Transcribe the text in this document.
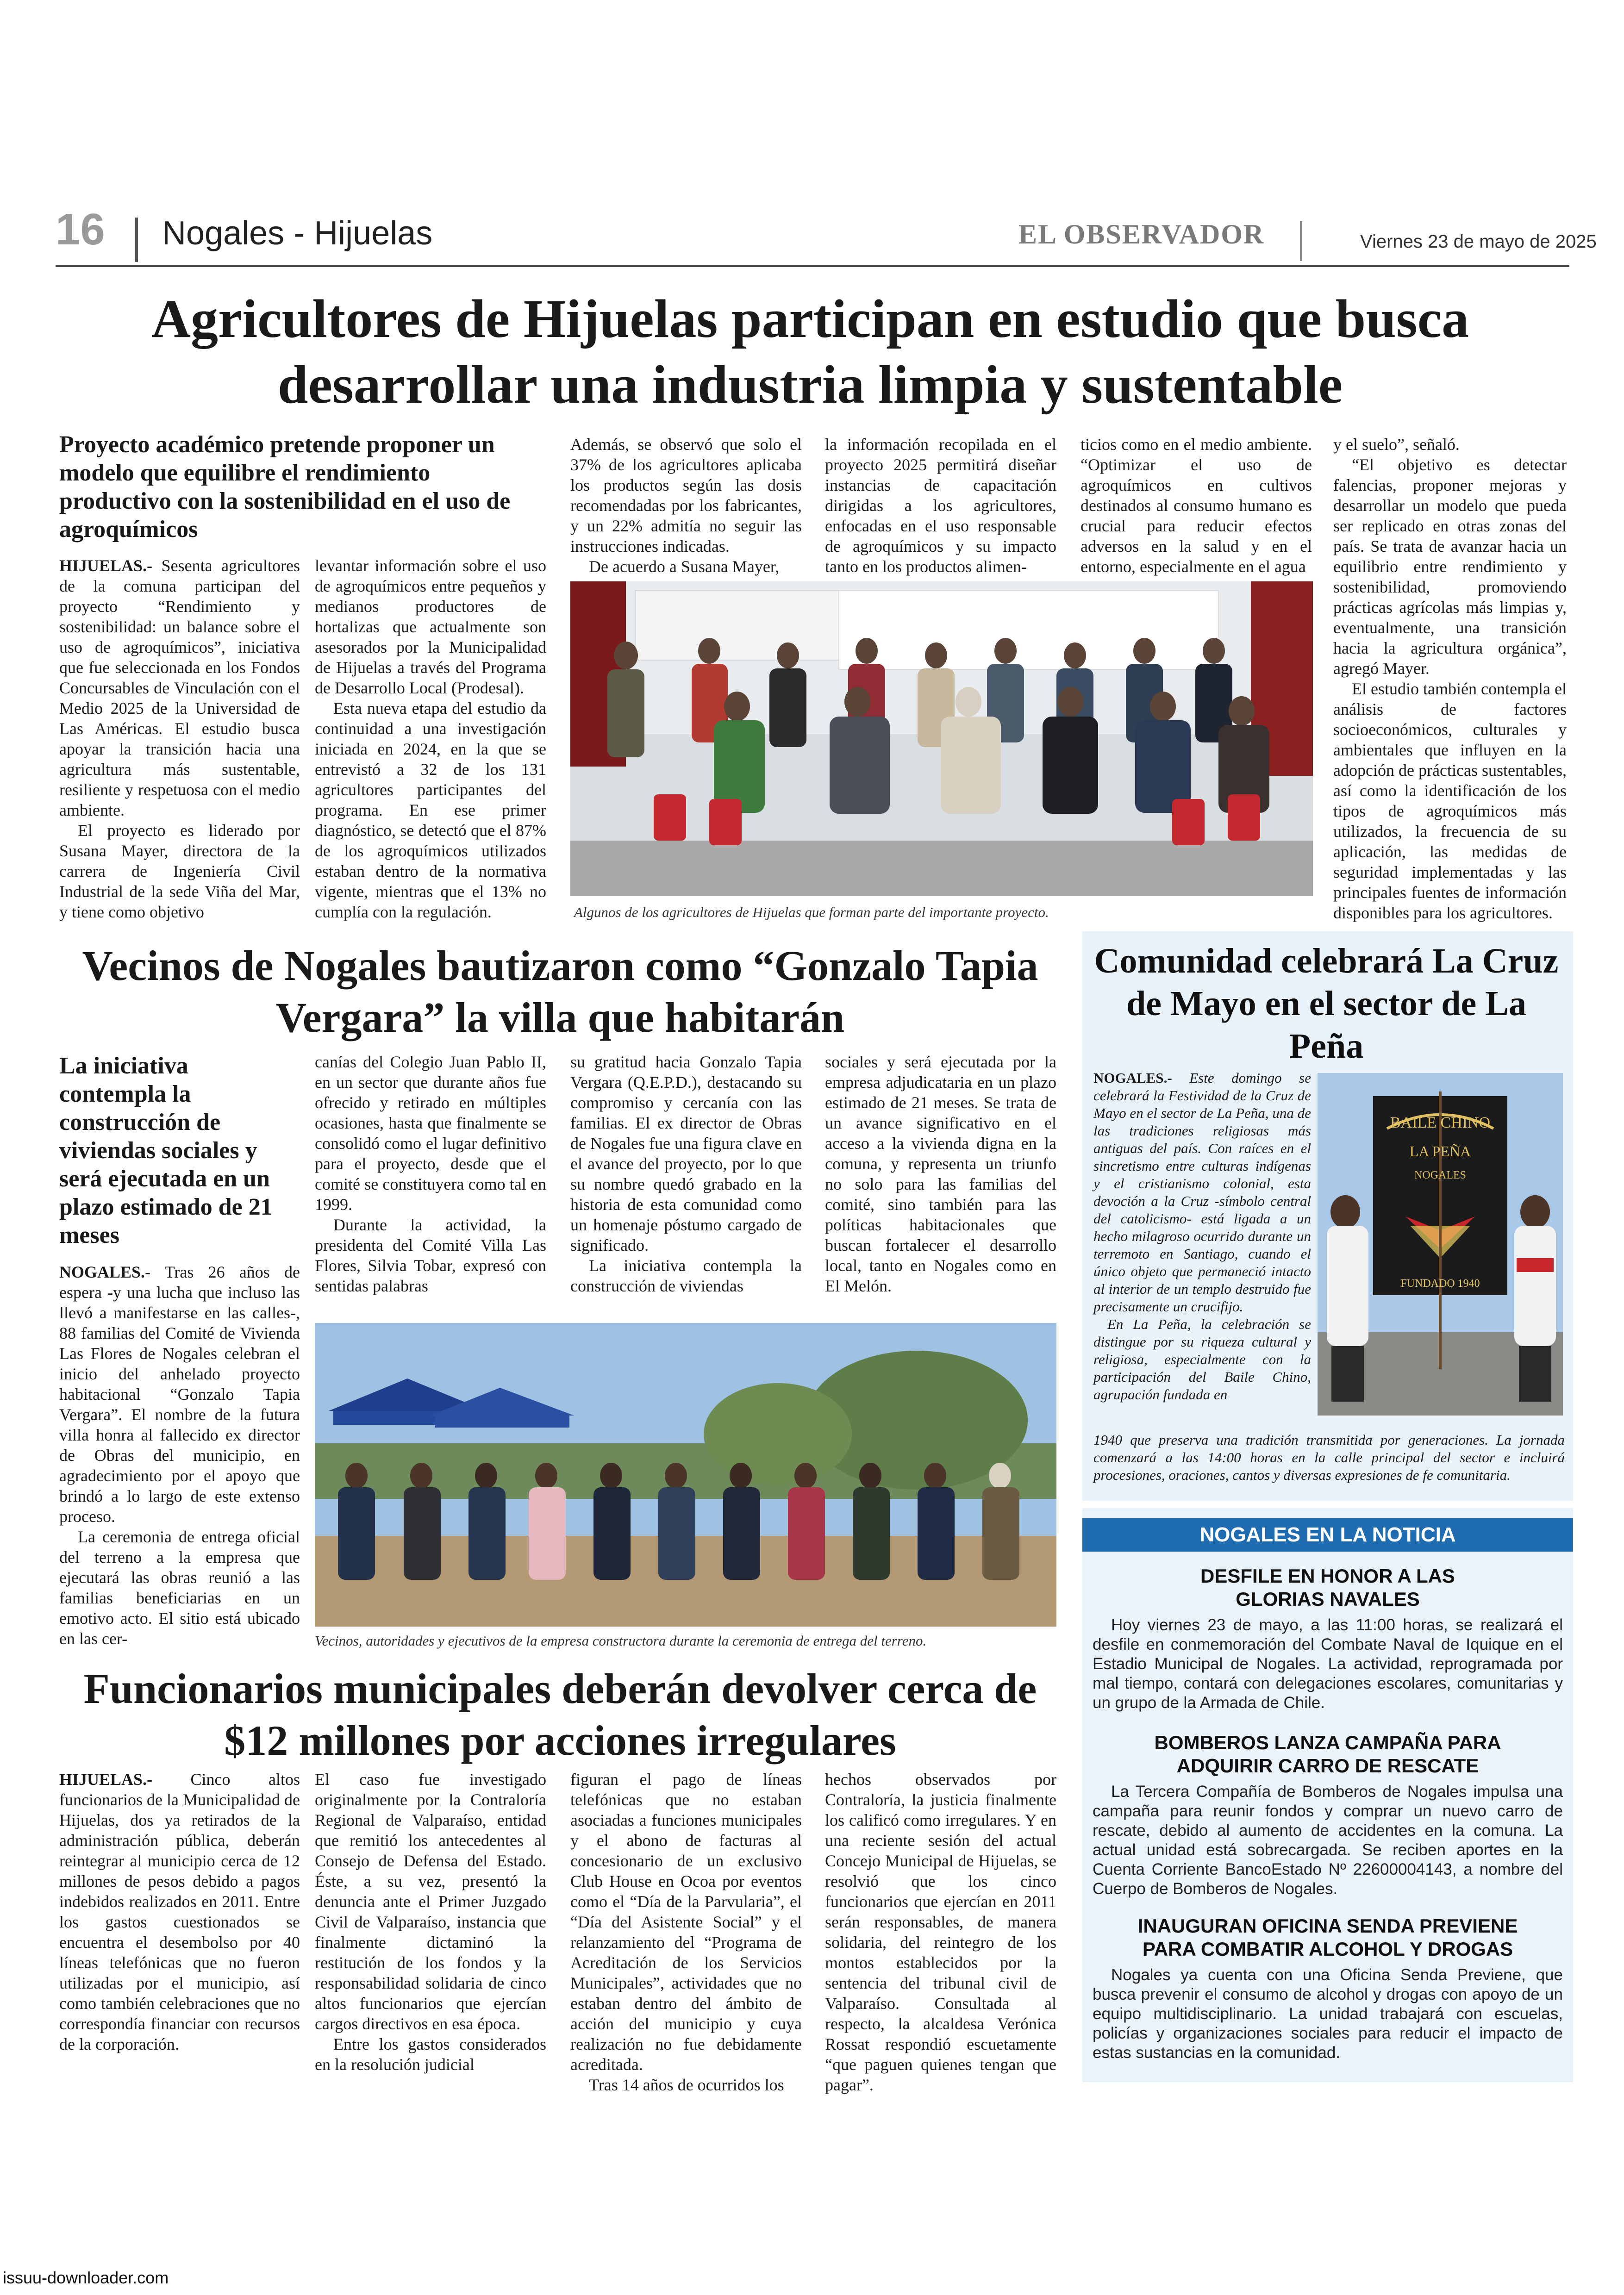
16 Nogales - Hijuelas	EL OBSERVADOR	Viernes 23 de mayo de 2025
Agricultores de Hijuelas participan en estudio que busca desarrollar una industria limpia y sustentable
Proyecto académico pretende proponer un modelo que equilibre el rendimiento productivo con la sostenibilidad en el uso de agroquímicos

HIJUELAS.- Sesenta agricultores de la comuna participan del proyecto “Rendimiento y sostenibilidad: un balance sobre el uso de agroquímicos”, iniciativa que fue seleccionada en los Fondos Concursables de Vinculación con el Medio 2025 de la Universidad de Las Américas. El estudio busca apoyar la transición hacia una agricultura más sustentable, resiliente y respetuosa con el medio ambiente.

El proyecto es liderado por Susana Mayer, directora de la carrera de Ingeniería Civil Industrial de la sede Viña del Mar, y tiene como objetivo

levantar información sobre el uso de agroquímicos entre pequeños y medianos productores de hortalizas que actualmente son asesorados por la Municipalidad de Hijuelas a través del Programa de Desarrollo Local (Prodesal).

Esta nueva etapa del estudio da continuidad a una investigación iniciada en 2024, en la que se entrevistó a 32 de los 131 agricultores participantes del programa. En ese primer diagnóstico, se detectó que el 87% de los agroquímicos utilizados estaban dentro de la normativa vigente, mientras que el 13% no cumplía con la regulación.

Además, se observó que solo el 37% de los agricultores aplicaba los productos según las dosis recomendadas por los fabricantes, y un 22% admitía no seguir las instrucciones indicadas.

De acuerdo a Susana Mayer,

la información recopilada en el proyecto 2025 permitirá diseñar instancias de capacitación dirigidas a los agricultores, enfocadas en el uso responsable de agroquímicos y su impacto tanto en los productos alimen-

ticios como en el medio ambiente. “Optimizar el uso de agroquímicos en cultivos destinados al consumo humano es crucial para reducir efectos adversos en la salud y en el entorno, especialmente en el agua

y el suelo”, señaló.

“El objetivo es detectar falencias, proponer mejoras y desarrollar un modelo que pueda ser replicado en otras zonas del país. Se trata de avanzar hacia un equilibrio entre rendimiento y sostenibilidad, promoviendo prácticas agrícolas más limpias y, eventualmente, una transición hacia la agricultura orgánica”, agregó Mayer.

El estudio también contempla el análisis de factores socioeconómicos, culturales y ambientales que influyen en la adopción de prácticas sustentables, así como la identificación de los tipos de agroquímicos más utilizados, la frecuencia de su aplicación, las medidas de seguridad implementadas y las principales fuentes de información disponibles para los agricultores.

Algunos de los agricultores de Hijuelas que forman parte del importante proyecto.
Vecinos de Nogales bautizaron como “Gonzalo Tapia Vergara” la villa que habitarán
La iniciativa contempla la construcción de viviendas sociales y será ejecutada en un plazo estimado de 21 meses

NOGALES.- Tras 26 años de espera -y una lucha que incluso las llevó a manifestarse en las calles-, 88 familias del Comité de Vivienda Las Flores de Nogales celebran el inicio del anhelado proyecto habitacional “Gonzalo Tapia Vergara”. El nombre de la futura villa honra al fallecido ex director de Obras del municipio, en agradecimiento por el apoyo que brindó a lo largo de este extenso proceso.

La ceremonia de entrega oficial del terreno a la empresa que ejecutará las obras reunió a las familias beneficiarias en un emotivo acto. El sitio está ubicado en las cer-

canías del Colegio Juan Pablo II, en un sector que durante años fue ofrecido y retirado en múltiples ocasiones, hasta que finalmente se consolidó como el lugar definitivo para el proyecto, desde que el comité se constituyera como tal en 1999.

Durante la actividad, la presidenta del Comité Villa Las Flores, Silvia Tobar, expresó con sentidas palabras

su gratitud hacia Gonzalo Tapia Vergara (Q.E.P.D.), destacando su compromiso y cercanía con las familias. El ex director de Obras de Nogales fue una figura clave en el avance del proyecto, por lo que su nombre quedó grabado en la historia de esta comunidad como un homenaje póstumo cargado de significado.

La iniciativa contempla la construcción de viviendas

sociales y será ejecutada por la empresa adjudicataria en un plazo estimado de 21 meses. Se trata de un avance significativo en el acceso a la vivienda digna en la comuna, y representa un triunfo no solo para las familias del comité, sino también para las políticas habitacionales que buscan fortalecer el desarrollo local, tanto en Nogales como en El Melón.

Vecinos, autoridades y ejecutivos de la empresa constructora durante la ceremonia de entrega del terreno.
Comunidad celebrará La Cruz de Mayo en el sector de La Peña
NOGALES.- Este domingo se celebrará la Festividad de la Cruz de Mayo en el sector de La Peña, una de las tradiciones religiosas más antiguas del país. Con raíces en el sincretismo entre culturas indígenas y el cristianismo colonial, esta devoción a la Cruz -símbolo central del catolicismo- está ligada a un hecho milagroso ocurrido durante un terremoto en Santiago, cuando el único objeto que permaneció intacto al interior de un templo destruido fue precisamente un crucifijo.
En La Peña, la celebración se distingue por su riqueza cultural y religiosa, especialmente con la participación del Baile Chino, agrupación fundada en
BAILE CHINO
LA PEÑA
NOGALES
FUNDADO 1940
1940 que preserva una tradición transmitida por generaciones. La jornada comenzará a las 14:00 horas en la calle principal del sector e incluirá procesiones, oraciones, cantos y diversas expresiones de fe comunitaria.
Funcionarios municipales deberán devolver cerca de $12 millones por acciones irregulares

HIJUELAS.- Cinco altos funcionarios de la Municipalidad de Hijuelas, dos ya retirados de la administración pública, deberán reintegrar al municipio cerca de 12 millones de pesos debido a pagos indebidos realizados en 2011. Entre los gastos cuestionados se encuentra el desembolso por 40 líneas telefónicas que no fueron utilizadas por el municipio, así como también celebraciones que no correspondía financiar con recursos de la corporación.

El caso fue investigado originalmente por la Contraloría Regional de Valparaíso, entidad que remitió los antecedentes al Consejo de Defensa del Estado. Éste, a su vez, presentó la denuncia ante el Primer Juzgado Civil de Valparaíso, instancia que finalmente dictaminó la restitución de los fondos y la responsabilidad solidaria de cinco altos funcionarios que ejercían cargos directivos en esa época.

Entre los gastos considerados en la resolución judicial

figuran el pago de líneas telefónicas que no estaban asociadas a funciones municipales y el abono de facturas al concesionario de un exclusivo Club House en Ocoa por eventos como el “Día de la Parvularia”, el “Día del Asistente Social” y el relanzamiento del “Programa de Acreditación de los Servicios Municipales”, actividades que no estaban dentro del ámbito de acción del municipio y cuya realización no fue debidamente acreditada.

Tras 14 años de ocurridos los

hechos observados por Contraloría, la justicia finalmente los calificó como irregulares. Y en una reciente sesión del actual Concejo Municipal de Hijuelas, se resolvió que los cinco funcionarios que ejercían en 2011 serán responsables, de manera solidaria, del reintegro de los montos establecidos por la sentencia del tribunal civil de Valparaíso. Consultada al respecto, la alcaldesa Verónica Rossat respondió escuetamente “que paguen quienes tengan que pagar”.

NOGALES EN LA NOTICIA
DESFILE EN HONOR A LAS GLORIAS NAVALES
Hoy viernes 23 de mayo, a las 11:00 horas, se realizará el desfile en conmemoración del Combate Naval de Iquique en el Estadio Municipal de Nogales. La actividad, reprogramada por mal tiempo, contará con delegaciones escolares, comunitarias y un grupo de la Armada de Chile.
BOMBEROS LANZA CAMPAÑA PARA ADQUIRIR CARRO DE RESCATE
La Tercera Compañía de Bomberos de Nogales impulsa una campaña para reunir fondos y comprar un nuevo carro de rescate, debido al aumento de accidentes en la comuna. La actual unidad está sobrecargada. Se reciben aportes en la Cuenta Corriente BancoEstado Nº 22600004143, a nombre del Cuerpo de Bomberos de Nogales.
INAUGURAN OFICINA SENDA PREVIENE PARA COMBATIR ALCOHOL Y DROGAS
Nogales ya cuenta con una Oficina Senda Previene, que busca prevenir el consumo de alcohol y drogas con apoyo de un equipo multidisciplinario. La unidad trabajará con escuelas, policías y organizaciones sociales para reducir el impacto de estas sustancias en la comunidad.
issuu-downloader.com
